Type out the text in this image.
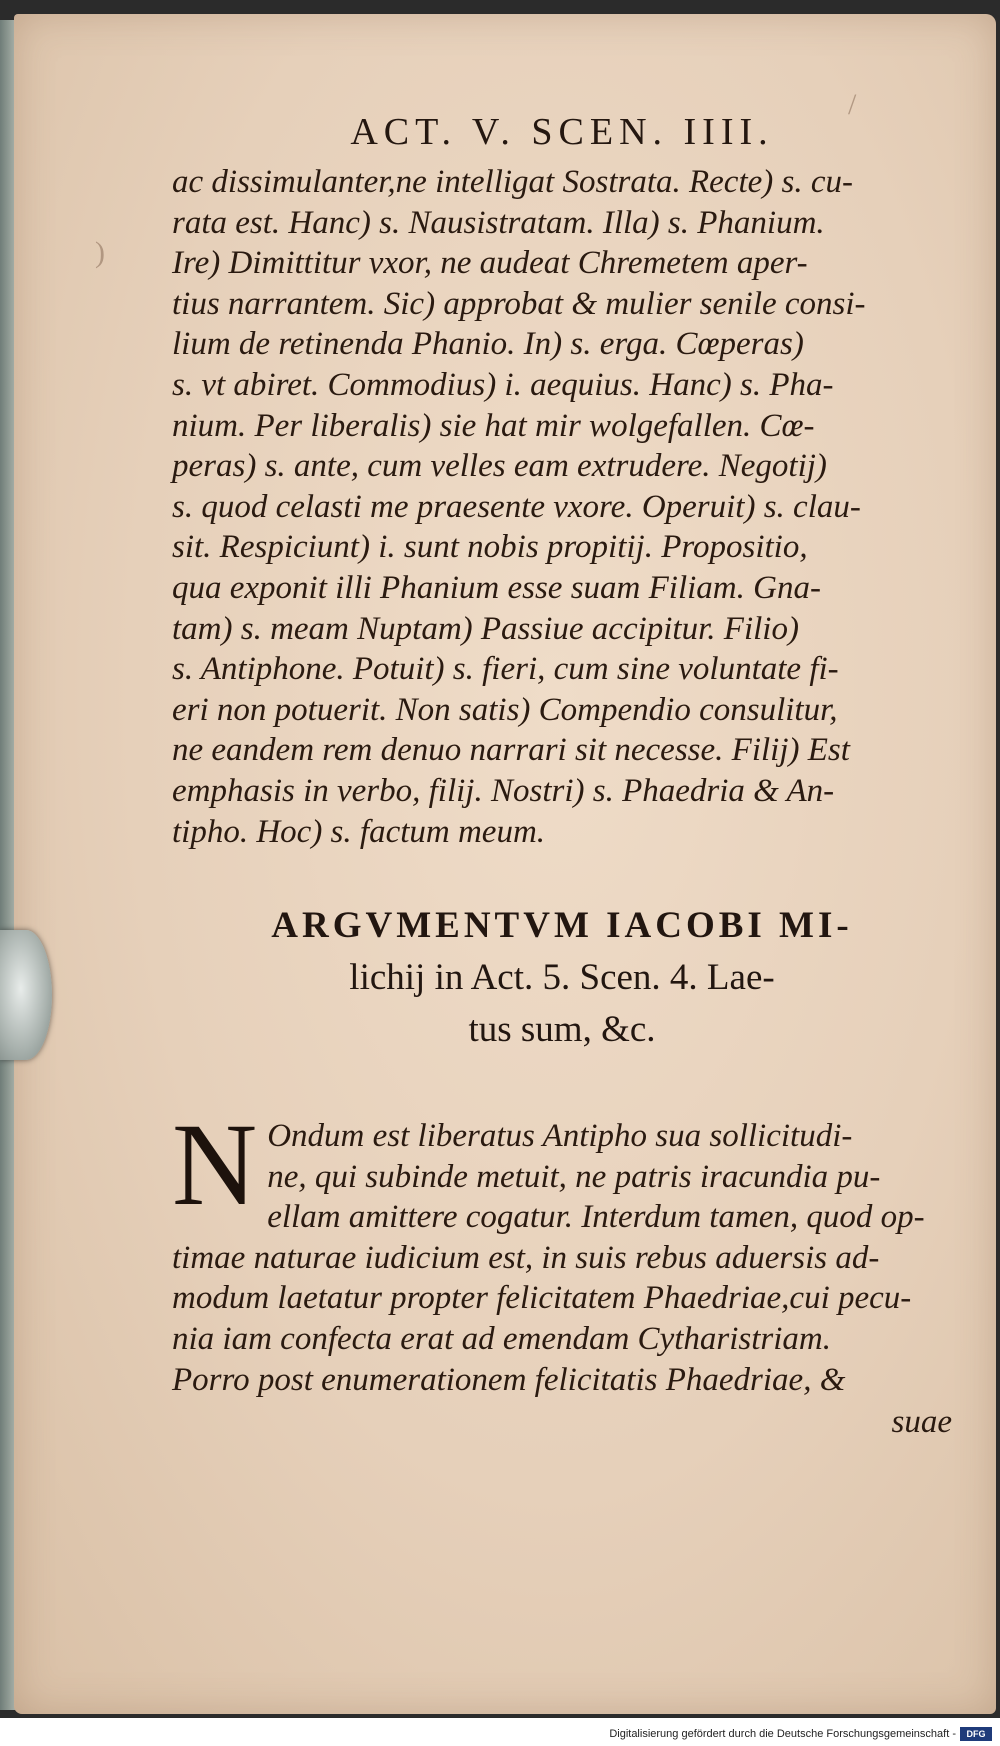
)
/
ACT. V. SCEN. IIII.
ac dissimulanter,ne intelligat Sostrata. Recte) s. cu-
rata est. Hanc) s. Nausistratam. Illa) s. Phanium.
Ire) Dimittitur vxor, ne audeat Chremetem aper-
tius narrantem. Sic) approbat & mulier senile consi-
lium de retinenda Phanio. In) s. erga. Cœperas)
s. vt abiret. Commodius) i. aequius. Hanc) s. Pha-
nium. Per liberalis) sie hat mir wolgefallen. Cœ-
peras) s. ante, cum velles eam extrudere. Negotij)
s. quod celasti me praesente vxore. Operuit) s. clau-
sit. Respiciunt) i. sunt nobis propitij. Propositio,
qua exponit illi Phanium esse suam Filiam. Gna-
tam) s. meam Nuptam) Passiue accipitur. Filio)
s. Antiphone. Potuit) s. fieri, cum sine voluntate fi-
eri non potuerit. Non satis) Compendio consulitur,
ne eandem rem denuo narrari sit necesse. Filij) Est
emphasis in verbo, filij. Nostri) s. Phaedria & An-
tipho. Hoc) s. factum meum.
ARGVMENTVM IACOBI MI-
lichij in Act. 5. Scen. 4. Lae-
tus sum, &c.
N Ondum est liberatus Antipho sua sollicitudi-
ne, qui subinde metuit, ne patris iracundia pu-
ellam amittere cogatur. Interdum tamen, quod op-
timae naturae iudicium est, in suis rebus aduersis ad-
modum laetatur propter felicitatem Phaedriae,cui pecu-
nia iam confecta erat ad emendam Cytharistriam.
Porro post enumerationem felicitatis Phaedriae, &
suae
Digitalisierung gefördert durch die Deutsche Forschungsgemeinschaft -	DFG
